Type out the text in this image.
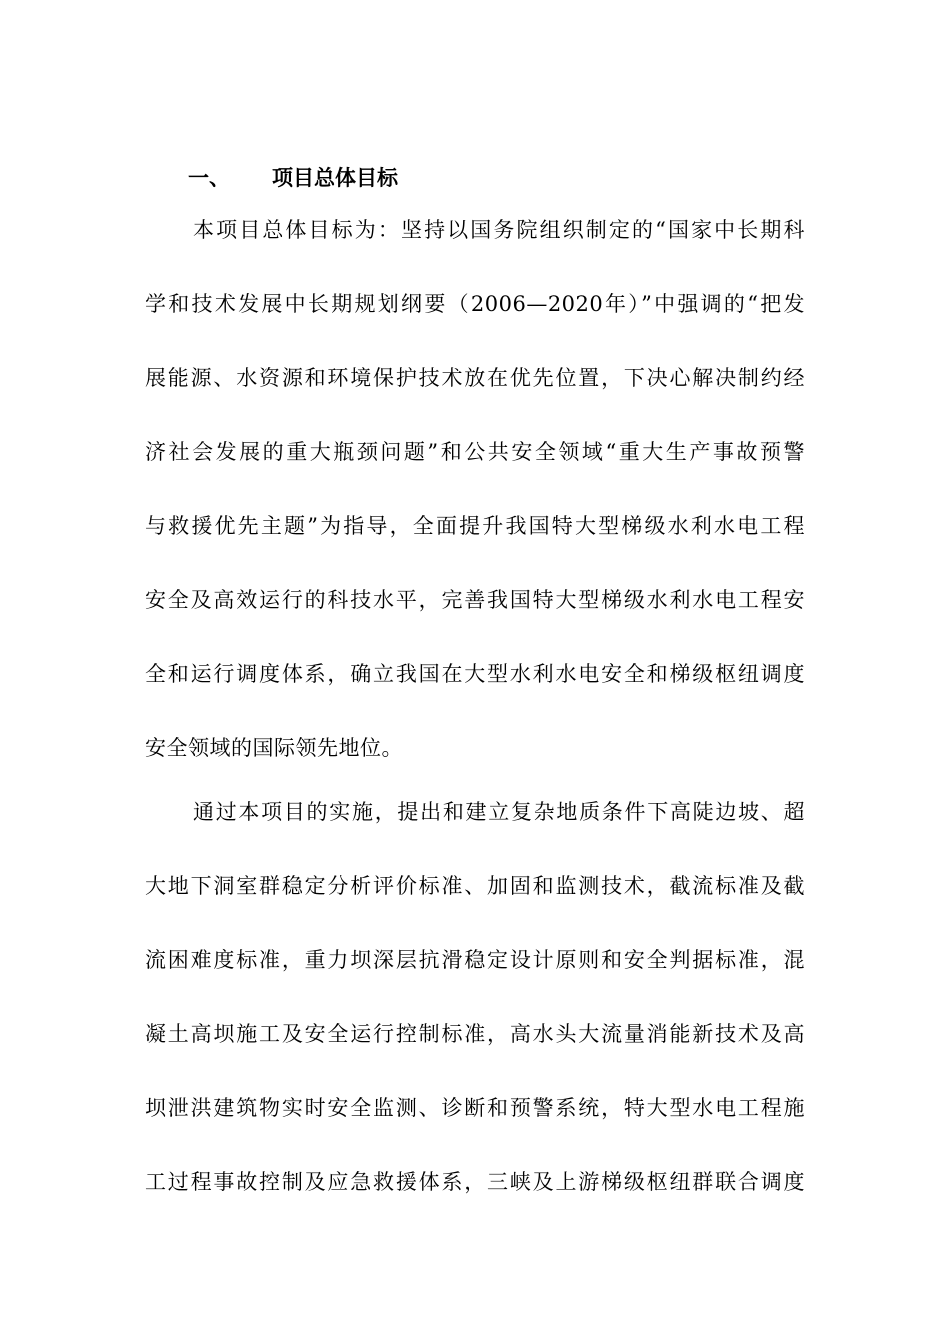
一、 项目总体目标
本项目总体目标为：坚持以国务院组织制定的“国家中长期科
学和技术发展中长期规划纲要（2006—2020年）”中强调的“把发
展能源、水资源和环境保护技术放在优先位置，下决心解决制约经
济社会发展的重大瓶颈问题”和公共安全领域“重大生产事故预警
与救援优先主题”为指导，全面提升我国特大型梯级水利水电工程
安全及高效运行的科技水平，完善我国特大型梯级水利水电工程安
全和运行调度体系，确立我国在大型水利水电安全和梯级枢纽调度
安全领域的国际领先地位。
通过本项目的实施，提出和建立复杂地质条件下高陡边坡、超
大地下洞室群稳定分析评价标准、加固和监测技术，截流标准及截
流困难度标准，重力坝深层抗滑稳定设计原则和安全判据标准，混
凝土高坝施工及安全运行控制标准，高水头大流量消能新技术及高
坝泄洪建筑物实时安全监测、诊断和预警系统，特大型水电工程施
工过程事故控制及应急救援体系，三峡及上游梯级枢纽群联合调度
